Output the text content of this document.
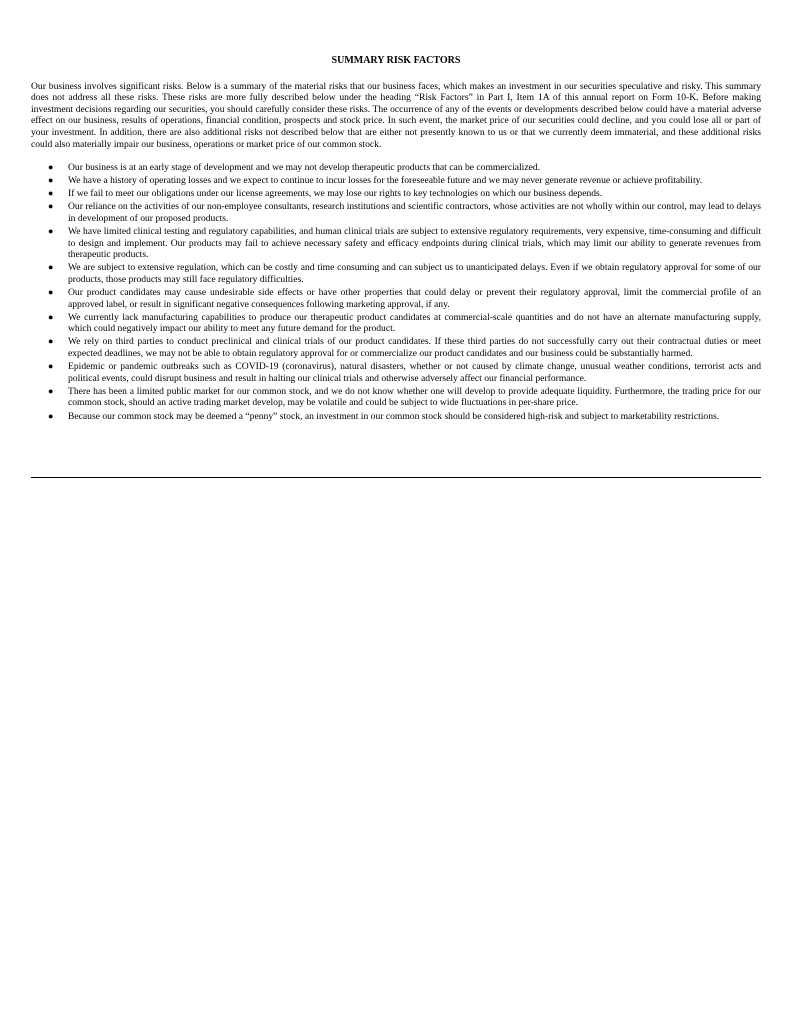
SUMMARY RISK FACTORS

Our business involves significant risks. Below is a summary of the material risks that our business faces, which makes an investment in our securities speculative and risky. This summary does not address all these risks. These risks are more fully described below under the heading “Risk Factors” in Part I, Item 1A of this annual report on Form 10-K. Before making investment decisions regarding our securities, you should carefully consider these risks. The occurrence of any of the events or developments described below could have a material adverse effect on our business, results of operations, financial condition, prospects and stock price. In such event, the market price of our securities could decline, and you could lose all or part of your investment. In addition, there are also additional risks not described below that are either not presently known to us or that we currently deem immaterial, and these additional risks could also materially impair our business, operations or market price of our common stock.

● Our business is at an early stage of development and we may not develop therapeutic products that can be commercialized.
● We have a history of operating losses and we expect to continue to incur losses for the foreseeable future and we may never generate revenue or achieve profitability.
● If we fail to meet our obligations under our license agreements, we may lose our rights to key technologies on which our business depends.
● Our reliance on the activities of our non-employee consultants, research institutions and scientific contractors, whose activities are not wholly within our control, may lead to delays in development of our proposed products.
● We have limited clinical testing and regulatory capabilities, and human clinical trials are subject to extensive regulatory requirements, very expensive, time-consuming and difficult to design and implement. Our products may fail to achieve necessary safety and efficacy endpoints during clinical trials, which may limit our ability to generate revenues from therapeutic products.
● We are subject to extensive regulation, which can be costly and time consuming and can subject us to unanticipated delays. Even if we obtain regulatory approval for some of our products, those products may still face regulatory difficulties.
● Our product candidates may cause undesirable side effects or have other properties that could delay or prevent their regulatory approval, limit the commercial profile of an approved label, or result in significant negative consequences following marketing approval, if any.
● We currently lack manufacturing capabilities to produce our therapeutic product candidates at commercial-scale quantities and do not have an alternate manufacturing supply, which could negatively impact our ability to meet any future demand for the product.
● We rely on third parties to conduct preclinical and clinical trials of our product candidates. If these third parties do not successfully carry out their contractual duties or meet expected deadlines, we may not be able to obtain regulatory approval for or commercialize our product candidates and our business could be substantially harmed.
● Epidemic or pandemic outbreaks such as COVID-19 (coronavirus), natural disasters, whether or not caused by climate change, unusual weather conditions, terrorist acts and political events, could disrupt business and result in halting our clinical trials and otherwise adversely affect our financial performance.
● There has been a limited public market for our common stock, and we do not know whether one will develop to provide adequate liquidity. Furthermore, the trading price for our common stock, should an active trading market develop, may be volatile and could be subject to wide fluctuations in per-share price.
● Because our common stock may be deemed a “penny” stock, an investment in our common stock should be considered high-risk and subject to marketability restrictions.
